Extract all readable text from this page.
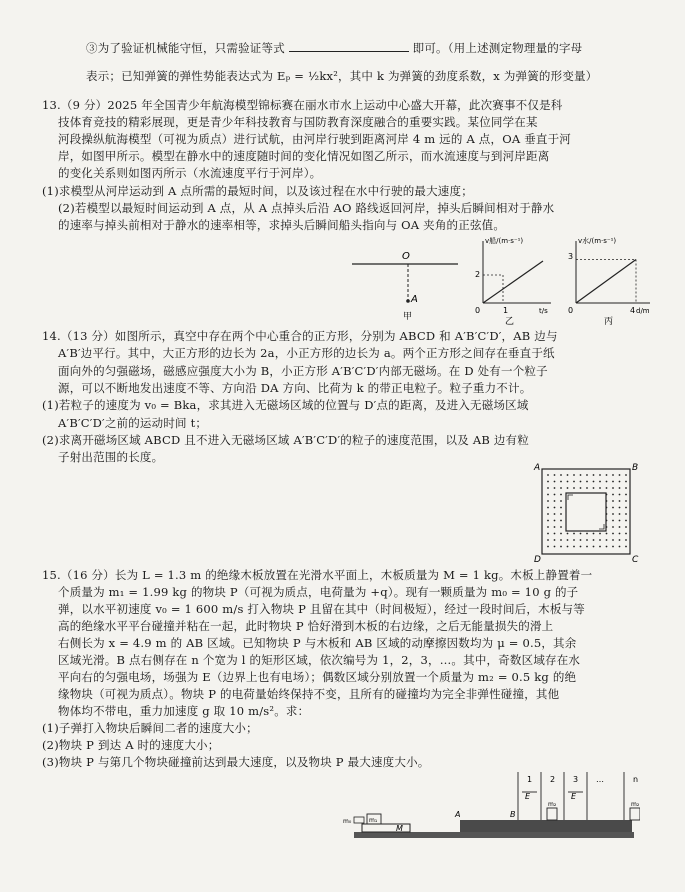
③为了验证机械能守恒，只需验证等式	即可。（用上述测定物理量的字母
表示；已知弹簧的弹性势能表达式为 Eₚ = ½kx²，其中 k 为弹簧的劲度系数，x 为弹簧的形变量）
13.（9 分）2025 年全国青少年航海模型锦标赛在丽水市水上运动中心盛大开幕，此次赛事不仅是科
技体育竞技的精彩展现，更是青少年科技教育与国防教育深度融合的重要实践。某位同学在某
河段操纵航海模型（可视为质点）进行试航，由河岸行驶到距离河岸 4 m 远的 A 点，OA 垂直于河
岸，如图甲所示。模型在静水中的速度随时间的变化情况如图乙所示，而水流速度与到河岸距离
的变化关系则如图丙所示（水流速度平行于河岸）。
(1)求模型从河岸运动到 A 点所需的最短时间，以及该过程在水中行驶的最大速度；
(2)若模型以最短时间运动到 A 点，从 A 点掉头后沿 AO 路线返回河岸，掉头后瞬间相对于静水
的速率与掉头前相对于静水的速率相等，求掉头后瞬间船头指向与 OA 夹角的正弦值。
O
A
甲
v船/(m·s⁻¹)
t/s
2
1
0
乙
v水/(m·s⁻¹)
d/m
3
4
0
丙
14.（13 分）如图所示，真空中存在两个中心重合的正方形，分别为 ABCD 和 A′B′C′D′，AB 边与
A′B′边平行。其中，大正方形的边长为 2a，小正方形的边长为 a。两个正方形之间存在垂直于纸
面向外的匀强磁场，磁感应强度大小为 B，小正方形 A′B′C′D′内部无磁场。在 D 处有一个粒子
源，可以不断地发出速度不等、方向沿 DA 方向、比荷为 k 的带正电粒子。粒子重力不计。
(1)若粒子的速度为 v₀ = Bka，求其进入无磁场区域的位置与 D′点的距离，及进入无磁场区域
A′B′C′D′之前的运动时间 t；
(2)求离开磁场区域 ABCD 且不进入无磁场区域 A′B′C′D′的粒子的速度范围，以及 AB 边有粒
子射出范围的长度。
A	B
C
D
15.（16 分）长为 L = 1.3 m 的绝缘木板放置在光滑水平面上，木板质量为 M = 1 kg。木板上静置着一
个质量为 m₁ = 1.99 kg 的物块 P（可视为质点，电荷量为 +q）。现有一颗质量为 m₀ = 10 g 的子
弹，以水平初速度 v₀ = 1 600 m/s 打入物块 P 且留在其中（时间极短），经过一段时间后，木板与等
高的绝缘水平平台碰撞并粘在一起，此时物块 P 恰好滑到木板的右边缘，之后无能量损失的滑上
右侧长为 x = 4.9 m 的 AB 区域。已知物块 P 与木板和 AB 区域的动摩擦因数均为 μ = 0.5，其余
区域光滑。B 点右侧存在 n 个宽为 l 的矩形区域，依次编号为 1，2，3，…。其中，奇数区域存在水
平向右的匀强电场，场强为 E（边界上也有电场）；偶数区域分别放置一个质量为 m₂ = 0.5 kg 的绝
缘物块（可视为质点）。物块 P 的电荷量始终保持不变，且所有的碰撞均为完全非弹性碰撞，其他
物体均不带电，重力加速度 g 取 10 m/s²。求：
(1)子弹打入物块后瞬间二者的速度大小；
(2)物块 P 到达 A 时的速度大小；
(3)物块 P 与第几个物块碰撞前达到最大速度，以及物块 P 最大速度大小。
m₀	m₁
M
A	B
1
E
2
m₂
3
E
…	n
m₂
